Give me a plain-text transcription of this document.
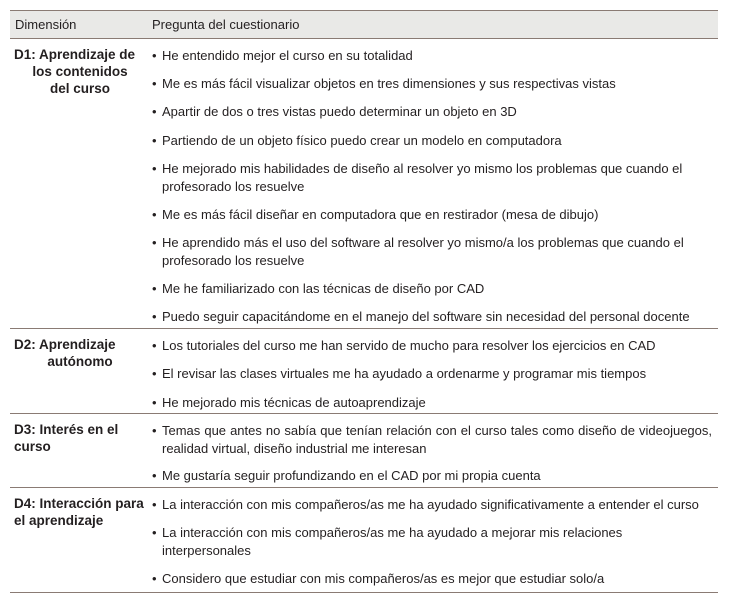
Dimensión	Pregunta del cuestionario
D1: Aprendizaje de
los contenidos
del curso
• He entendido mejor el curso en su totalidad
• Me es más fácil visualizar objetos en tres dimensiones y sus respectivas vistas
• Apartir de dos o tres vistas puedo determinar un objeto en 3D
• Partiendo de un objeto físico puedo crear un modelo en computadora
• He mejorado mis habilidades de diseño al resolver yo mismo los problemas que cuando el profesorado los resuelve
• Me es más fácil diseñar en computadora que en restirador (mesa de dibujo)
• He aprendido más el uso del software al resolver yo mismo/a los problemas que cuando el profesorado los resuelve
• Me he familiarizado con las técnicas de diseño por CAD
• Puedo seguir capacitándome en el manejo del software sin necesidad del personal docente
D2: Aprendizaje
autónomo
• Los tutoriales del curso me han servido de mucho para resolver los ejercicios en CAD
• El revisar las clases virtuales me ha ayudado a ordenarme y programar mis tiempos
• He mejorado mis técnicas de autoaprendizaje
D3: Interés en el
curso
• Temas que antes no sabía que tenían relación con el curso tales como diseño de videojuegos, realidad virtual, diseño industrial me interesan
• Me gustaría seguir profundizando en el CAD por mi propia cuenta
D4: Interacción para
el aprendizaje
• La interacción con mis compañeros/as me ha ayudado significativamente a entender el curso
• La interacción con mis compañeros/as me ha ayudado a mejorar mis relaciones interpersonales
• Considero que estudiar con mis compañeros/as es mejor que estudiar solo/a
